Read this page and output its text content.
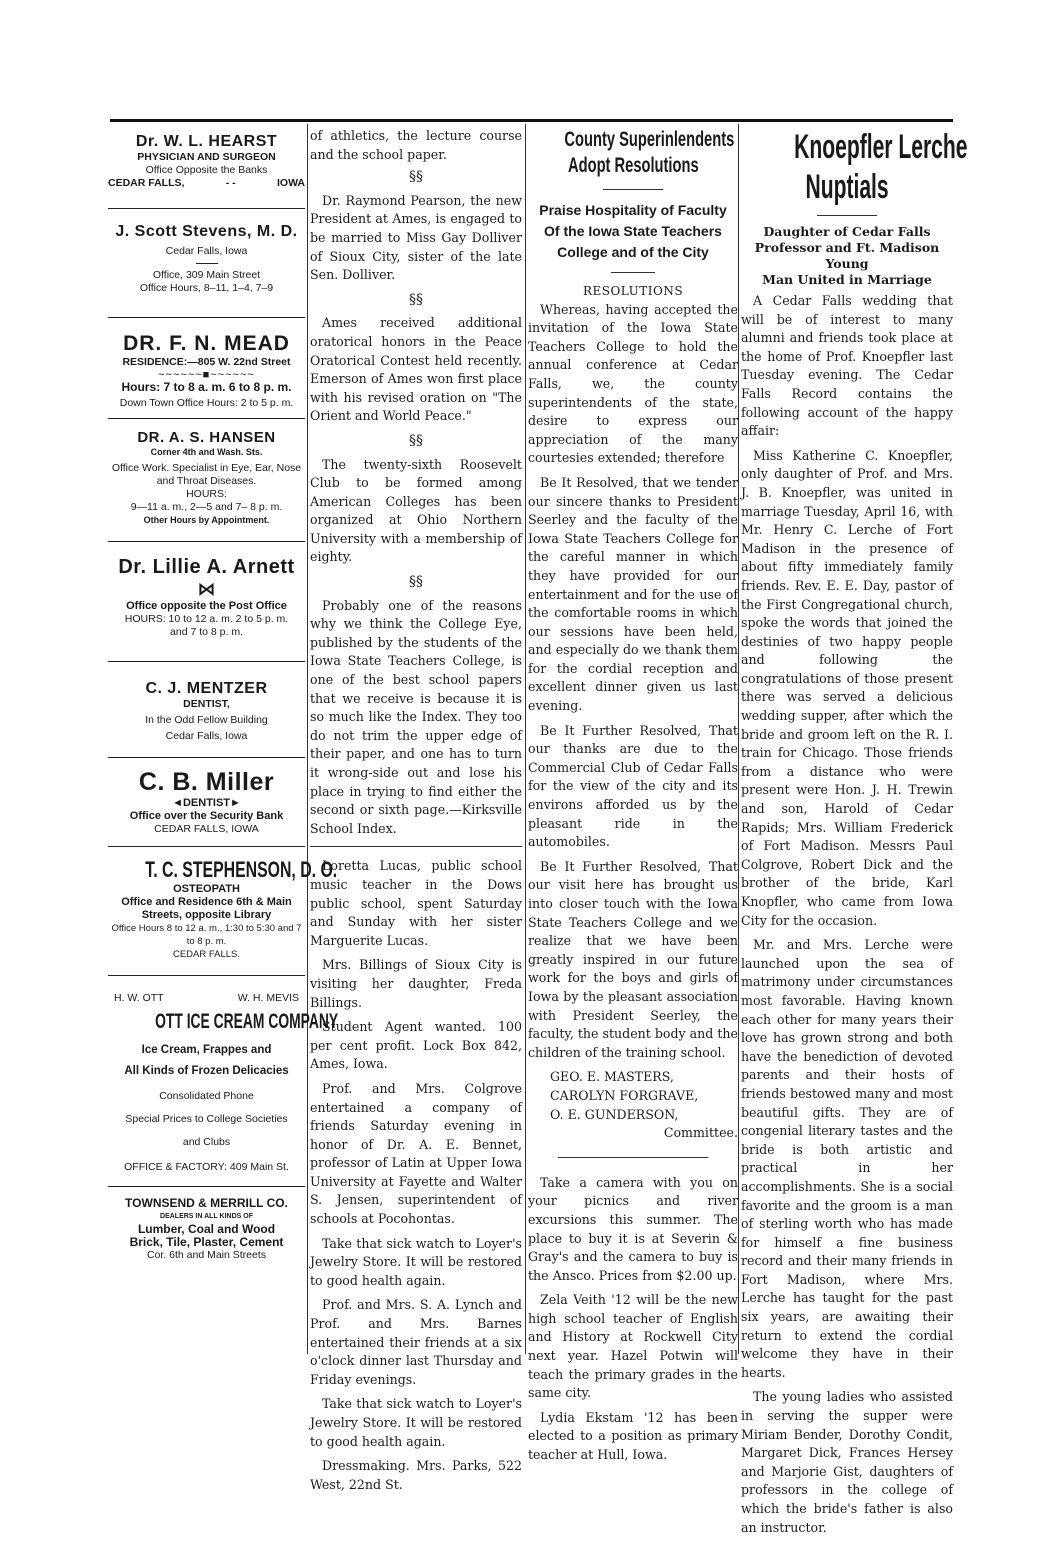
Dr. W. L. HEARST
PHYSICIAN AND SURGEON
Office Opposite the Banks
CEDAR FALLS,	- -	IOWA
J. Scott Stevens, M. D.
Cedar Falls, Iowa
Office, 309 Main Street
Office Hours, 8–11, 1–4, 7–9
DR. F. N. MEAD
RESIDENCE:—805 W. 22nd Street
~~~~~~■~~~~~~
Hours: 7 to 8 a. m. 6 to 8 p. m.
Down Town Office Hours: 2 to 5 p. m.
DR. A. S. HANSEN
Corner 4th and Wash. Sts.
Office Work. Specialist in Eye, Ear, Nose and Throat Diseases.
HOURS:
9—11 a. m., 2—5 and 7– 8 p. m.
Other Hours by Appointment.
Dr. Lillie A. Arnett
⋈
Office opposite the Post Office
HOURS: 10 to 12 a. m. 2 to 5 p. m.
and 7 to 8 p. m.
C. J. MENTZER
DENTIST,
In the Odd Fellow Building
Cedar Falls, Iowa
C. B. Miller
◄DENTIST►
Office over the Security Bank
CEDAR FALLS, IOWA
T. C. STEPHENSON, D. O.
OSTEOPATH
Office and Residence 6th & Main Streets, opposite Library
Office Hours 8 to 12 a. m., 1:30 to 5:30 and 7 to 8 p. m.
CEDAR FALLS.
H. W. OTT	W. H. MEVIS
OTT ICE CREAM COMPANY
Ice Cream, Frappes and
All Kinds of Frozen Delicacies
Consolidated Phone
Special Prices to College Societies
and Clubs
OFFICE & FACTORY: 409 Main St.
TOWNSEND & MERRILL CO.
DEALERS IN ALL KINDS OF
Lumber, Coal and Wood
Brick, Tile, Plaster, Cement
Cor. 6th and Main Streets

of athletics, the lecture course and the school paper.

§§

Dr. Raymond Pearson, the new President at Ames, is engaged to be married to Miss Gay Dolliver of Sioux City, sister of the late Sen. Dolliver.

§§

Ames received additional oratorical honors in the Peace Oratorical Contest held recently. Emerson of Ames won first place with his revised oration on "The Orient and World Peace."

§§

The twenty-sixth Roosevelt Club to be formed among American Colleges has been organized at Ohio Northern University with a membership of eighty.

§§

Probably one of the reasons why we think the College Eye, published by the students of the Iowa State Teachers College, is one of the best school papers that we receive is because it is so much like the Index. They too do not trim the upper edge of their paper, and one has to turn it wrong-side out and lose his place in trying to find either the second or sixth page.—Kirksville School Index.

Loretta Lucas, public school music teacher in the Dows public school, spent Saturday and Sunday with her sister Marguerite Lucas.

Mrs. Billings of Sioux City is visiting her daughter, Freda Billings.

Student Agent wanted. 100 per cent profit. Lock Box 842, Ames, Iowa.

Prof. and Mrs. Colgrove entertained a company of friends Saturday evening in honor of Dr. A. E. Bennet, professor of Latin at Upper Iowa University at Fayette and Walter S. Jensen, superintendent of schools at Pocohontas.

Take that sick watch to Loyer's Jewelry Store. It will be restored to good health again.

Prof. and Mrs. S. A. Lynch and Prof. and Mrs. Barnes entertained their friends at a six o'clock dinner last Thursday and Friday evenings.

Take that sick watch to Loyer's Jewelry Store. It will be restored to good health again.

Dressmaking. Mrs. Parks, 522 West, 22nd St.

County Superinlendents
Adopt Resolutions
Praise Hospitality of Faculty
Of the Iowa State Teachers
College and of the City
RESOLUTIONS

Whereas, having accepted the invitation of the Iowa State Teachers College to hold the annual conference at Cedar Falls, we, the county superintendents of the state, desire to express our appreciation of the many courtesies extended; therefore

Be It Resolved, that we tender our sincere thanks to President Seerley and the faculty of the Iowa State Teachers College for the careful manner in which they have provided for our entertainment and for the use of the comfortable rooms in which our sessions have been held, and especially do we thank them for the cordial reception and excellent dinner given us last evening.

Be It Further Resolved, That our thanks are due to the Commercial Club of Cedar Falls for the view of the city and its environs afforded us by the pleasant ride in the automobiles.

Be It Further Resolved, That our visit here has brought us into closer touch with the Iowa State Teachers College and we realize that we have been greatly inspired in our future work for the boys and girls of Iowa by the pleasant association with President Seerley, the faculty, the student body and the children of the training school.

GEO. E. MASTERS,

CAROLYN FORGRAVE,

O. E. GUNDERSON,

Committee.

Take a camera with you on your picnics and river excursions this summer. The place to buy it is at Severin & Gray's and the camera to buy is the Ansco. Prices from $2.00 up.

Zela Veith '12 will be the new high school teacher of English and History at Rockwell City next year. Hazel Potwin will teach the primary grades in the same city.

Lydia Ekstam '12 has been elected to a position as primary teacher at Hull, Iowa.

Knoepfler Lerche
Nuptials
Daughter of Cedar Falls Professor and Ft. Madison Young
Man United in Marriage

A Cedar Falls wedding that will be of interest to many alumni and friends took place at the home of Prof. Knoepfler last Tuesday evening. The Cedar Falls Record contains the following account of the happy affair:

Miss Katherine C. Knoepfler, only daughter of Prof. and Mrs. J. B. Knoepfler, was united in marriage Tuesday, April 16, with Mr. Henry C. Lerche of Fort Madison in the presence of about fifty immediately family friends. Rev. E. E. Day, pastor of the First Congregational church, spoke the words that joined the destinies of two happy people and following the congratulations of those present there was served a delicious wedding supper, after which the bride and groom left on the R. I. train for Chicago. Those friends from a distance who were present were Hon. J. H. Trewin and son, Harold of Cedar Rapids; Mrs. William Frederick of Fort Madison. Messrs Paul Colgrove, Robert Dick and the brother of the bride, Karl Knopfler, who came from Iowa City for the occasion.

Mr. and Mrs. Lerche were launched upon the sea of matrimony under circumstances most favorable. Having known each other for many years their love has grown strong and both have the benediction of devoted parents and their hosts of friends bestowed many and most beautiful gifts. They are of congenial literary tastes and the bride is both artistic and practical in her accomplishments. She is a social favorite and the groom is a man of sterling worth who has made for himself a fine business record and their many friends in Fort Madison, where Mrs. Lerche has taught for the past six years, are awaiting their return to extend the cordial welcome they have in their hearts.

The young ladies who assisted in serving the supper were Miriam Bender, Dorothy Condit, Margaret Dick, Frances Hersey and Marjorie Gist, daughters of professors in the college of which the bride's father is also an instructor.
